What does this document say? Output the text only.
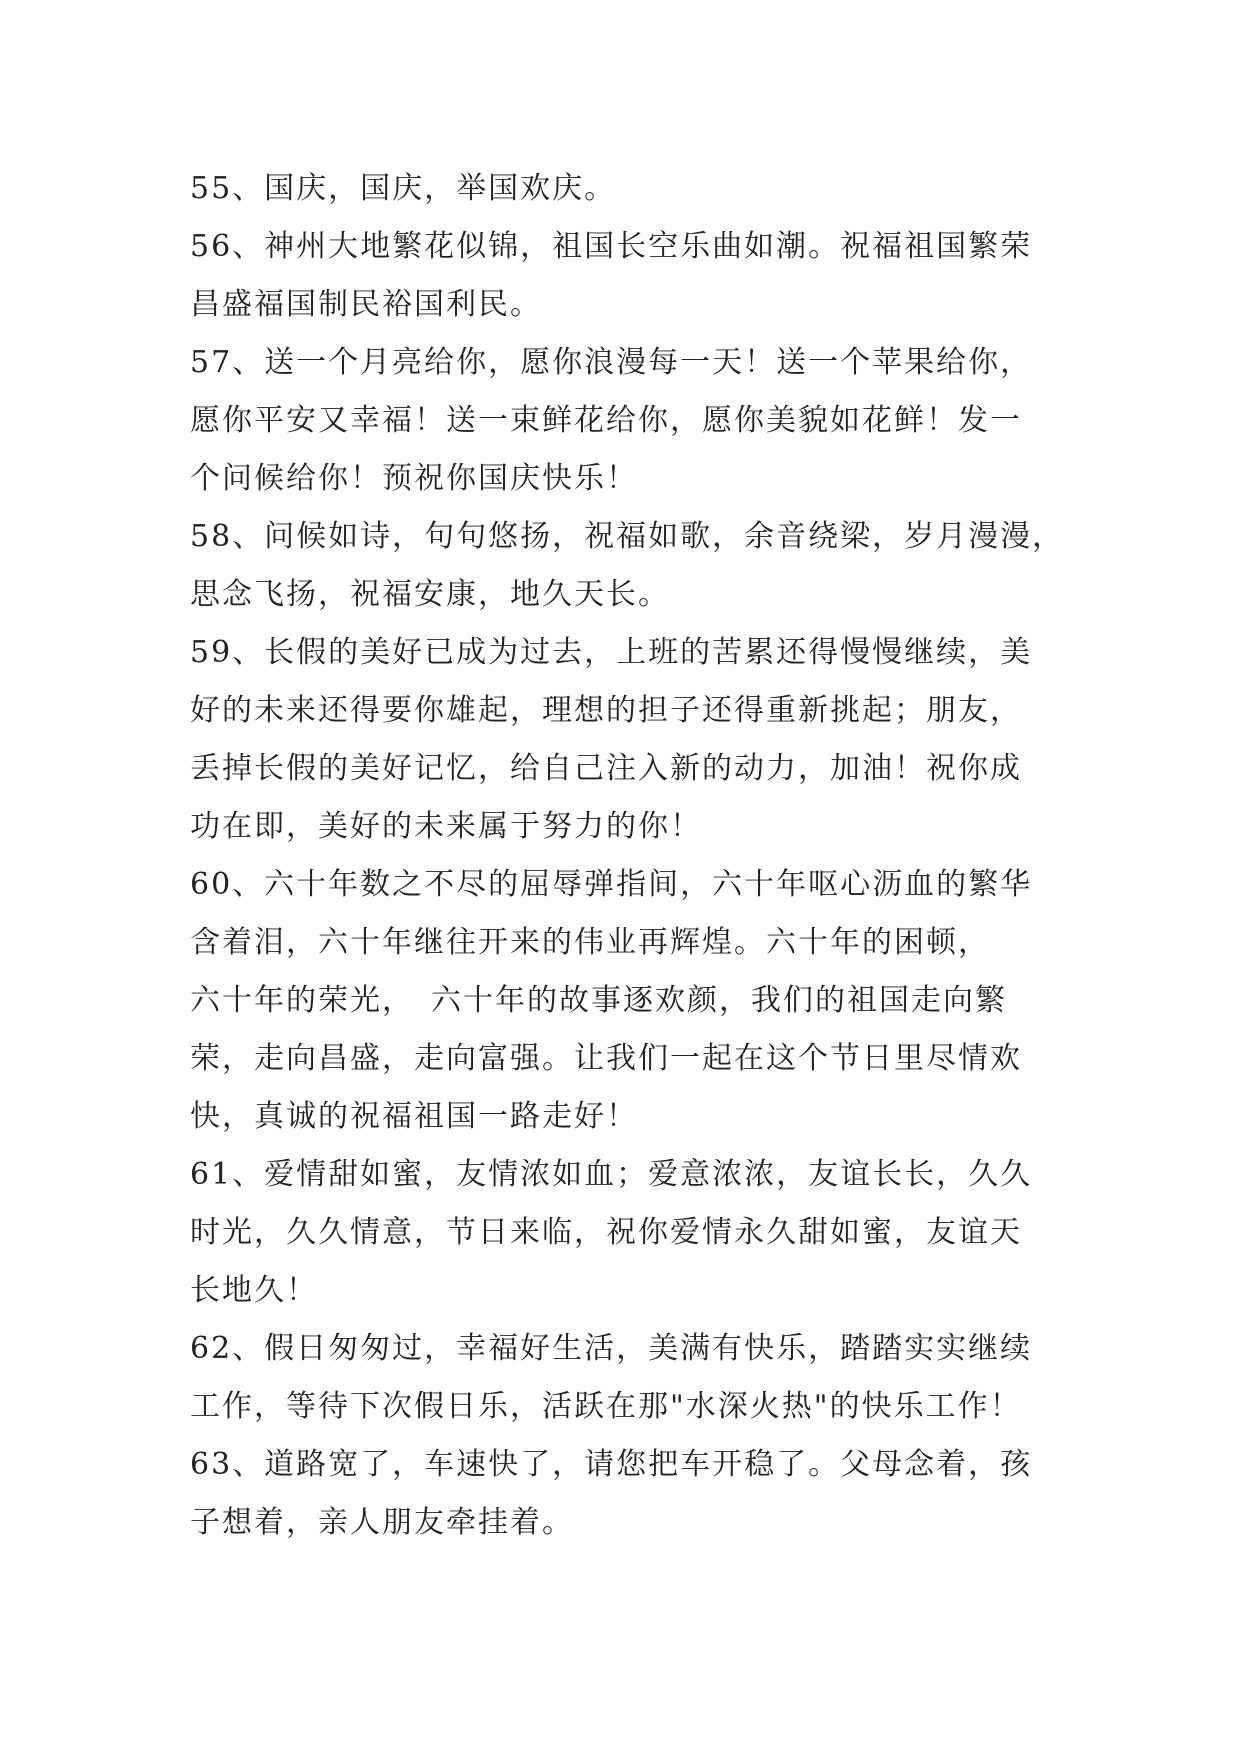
55、国庆，国庆，举国欢庆。
56、神州大地繁花似锦，祖国长空乐曲如潮。祝福祖国繁荣
昌盛福国制民裕国利民。
57、送一个月亮给你，愿你浪漫每一天！送一个苹果给你，
愿你平安又幸福！送一束鲜花给你，愿你美貌如花鲜！发一
个问候给你！预祝你国庆快乐！
58、问候如诗，句句悠扬，祝福如歌，余音绕梁，岁月漫漫，
思念飞扬，祝福安康，地久天长。
59、长假的美好已成为过去，上班的苦累还得慢慢继续，美
好的未来还得要你雄起，理想的担子还得重新挑起；朋友，
丢掉长假的美好记忆，给自己注入新的动力，加油！祝你成
功在即，美好的未来属于努力的你！
60、六十年数之不尽的屈辱弹指间，六十年呕心沥血的繁华
含着泪，六十年继往开来的伟业再辉煌。六十年的困顿，
六十年的荣光，　六十年的故事逐欢颜，我们的祖国走向繁
荣，走向昌盛，走向富强。让我们一起在这个节日里尽情欢
快，真诚的祝福祖国一路走好！
61、爱情甜如蜜，友情浓如血；爱意浓浓，友谊长长，久久
时光，久久情意，节日来临，祝你爱情永久甜如蜜，友谊天
长地久！
62、假日匆匆过，幸福好生活，美满有快乐，踏踏实实继续
工作，等待下次假日乐，活跃在那"水深火热"的快乐工作！
63、道路宽了，车速快了，请您把车开稳了。父母念着，孩
子想着，亲人朋友牵挂着。
